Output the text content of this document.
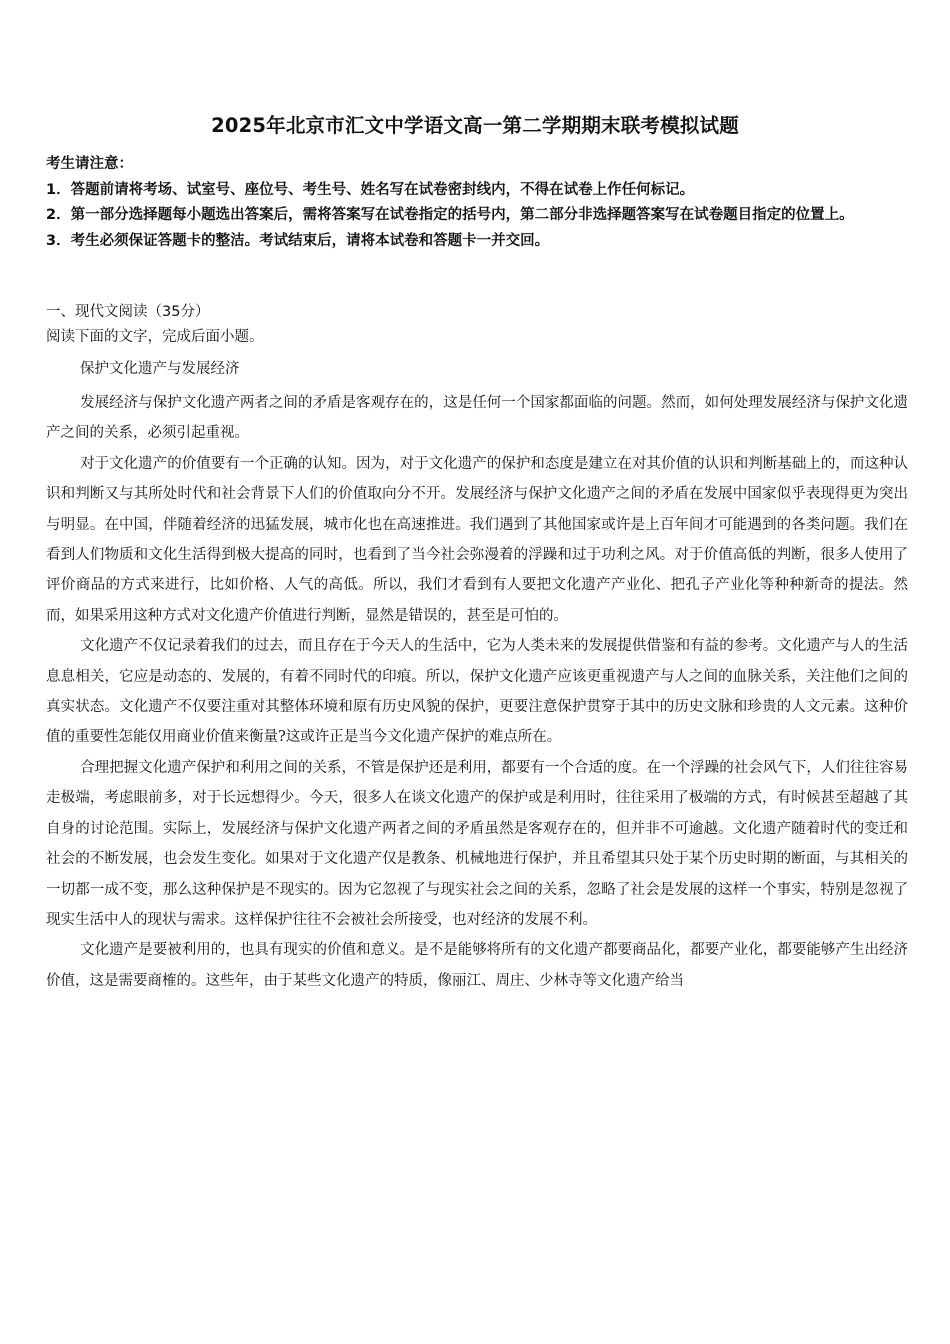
2025年北京市汇文中学语文高一第二学期期末联考模拟试题

考生请注意：

1．答题前请将考场、试室号、座位号、考生号、姓名写在试卷密封线内，不得在试卷上作任何标记。

2．第一部分选择题每小题选出答案后，需将答案写在试卷指定的括号内，第二部分非选择题答案写在试卷题目指定的位置上。

3．考生必须保证答题卡的整洁。考试结束后，请将本试卷和答题卡一并交回。

一、现代文阅读（35分）
阅读下面的文字，完成后面小题。
保护文化遗产与发展经济

发展经济与保护文化遗产两者之间的矛盾是客观存在的，这是任何一个国家都面临的问题。然而，如何处理发展经济与保护文化遗产之间的关系，必须引起重视。

对于文化遗产的价值要有一个正确的认知。因为，对于文化遗产的保护和态度是建立在对其价值的认识和判断基础上的，而这种认识和判断又与其所处时代和社会背景下人们的价值取向分不开。发展经济与保护文化遗产之间的矛盾在发展中国家似乎表现得更为突出与明显。在中国，伴随着经济的迅猛发展，城市化也在高速推进。我们遇到了其他国家或许是上百年间才可能遇到的各类问题。我们在看到人们物质和文化生活得到极大提高的同时，也看到了当今社会弥漫着的浮躁和过于功利之风。对于价值高低的判断，很多人使用了评价商品的方式来进行，比如价格、人气的高低。所以，我们才看到有人要把文化遗产产业化、把孔子产业化等种种新奇的提法。然而，如果采用这种方式对文化遗产价值进行判断，显然是错误的，甚至是可怕的。

文化遗产不仅记录着我们的过去，而且存在于今天人的生活中，它为人类未来的发展提供借鉴和有益的参考。文化遗产与人的生活息息相关，它应是动态的、发展的，有着不同时代的印痕。所以，保护文化遗产应该更重视遗产与人之间的血脉关系，关注他们之间的真实状态。文化遗产不仅要注重对其整体环境和原有历史风貌的保护，更要注意保护贯穿于其中的历史文脉和珍贵的人文元素。这种价值的重要性怎能仅用商业价值来衡量?这或许正是当今文化遗产保护的难点所在。

合理把握文化遗产保护和利用之间的关系，不管是保护还是利用，都要有一个合适的度。在一个浮躁的社会风气下，人们往往容易走极端，考虑眼前多，对于长远想得少。今天，很多人在谈文化遗产的保护或是利用时，往往采用了极端的方式，有时候甚至超越了其自身的讨论范围。实际上，发展经济与保护文化遗产两者之间的矛盾虽然是客观存在的，但并非不可逾越。文化遗产随着时代的变迁和社会的不断发展，也会发生变化。如果对于文化遗产仅是教条、机械地进行保护，并且希望其只处于某个历史时期的断面，与其相关的一切都一成不变，那么这种保护是不现实的。因为它忽视了与现实社会之间的关系，忽略了社会是发展的这样一个事实，特别是忽视了现实生活中人的现状与需求。这样保护往往不会被社会所接受，也对经济的发展不利。

文化遗产是要被利用的，也具有现实的价值和意义。是不是能够将所有的文化遗产都要商品化，都要产业化，都要能够产生出经济价值，这是需要商榷的。这些年，由于某些文化遗产的特质，像丽江、周庄、少林寺等文化遗产给当
